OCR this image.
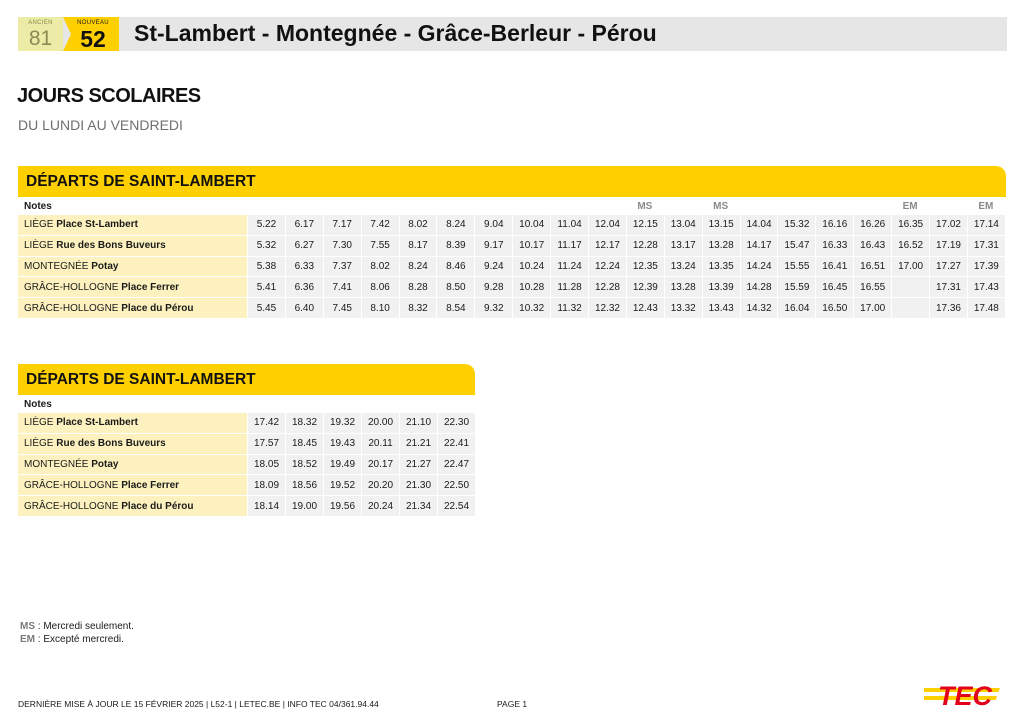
ANCIEN
81
NOUVEAU
52	St-Lambert - Montegnée - Grâce-Berleur - Pérou
JOURS SCOLAIRES
DU LUNDI AU VENDREDI
DÉPARTS DE SAINT-LAMBERT
Notes											MS		MS					EM		EM
LIÈGE Place St-Lambert	5.22	6.17	7.17	7.42	8.02	8.24	9.04	10.04	11.04	12.04	12.15	13.04	13.15	14.04	15.32	16.16	16.26	16.35	17.02	17.14
LIÈGE Rue des Bons Buveurs	5.32	6.27	7.30	7.55	8.17	8.39	9.17	10.17	11.17	12.17	12.28	13.17	13.28	14.17	15.47	16.33	16.43	16.52	17.19	17.31
MONTEGNÉE Potay	5.38	6.33	7.37	8.02	8.24	8.46	9.24	10.24	11.24	12.24	12.35	13.24	13.35	14.24	15.55	16.41	16.51	17.00	17.27	17.39
GRÂCE-HOLLOGNE Place Ferrer	5.41	6.36	7.41	8.06	8.28	8.50	9.28	10.28	11.28	12.28	12.39	13.28	13.39	14.28	15.59	16.45	16.55		17.31	17.43
GRÂCE-HOLLOGNE Place du Pérou	5.45	6.40	7.45	8.10	8.32	8.54	9.32	10.32	11.32	12.32	12.43	13.32	13.43	14.32	16.04	16.50	17.00		17.36	17.48
DÉPARTS DE SAINT-LAMBERT
Notes						
LIÈGE Place St-Lambert	17.42	18.32	19.32	20.00	21.10	22.30
LIÈGE Rue des Bons Buveurs	17.57	18.45	19.43	20.11	21.21	22.41
MONTEGNÉE Potay	18.05	18.52	19.49	20.17	21.27	22.47
GRÂCE-HOLLOGNE Place Ferrer	18.09	18.56	19.52	20.20	21.30	22.50
GRÂCE-HOLLOGNE Place du Pérou	18.14	19.00	19.56	20.24	21.34	22.54
MS : Mercredi seulement.
EM : Excepté mercredi.
DERNIÈRE MISE À JOUR LE 15 FÉVRIER 2025 | L52-1 | LETEC.BE | INFO TEC 04/361.94.44	PAGE 1	TEC
